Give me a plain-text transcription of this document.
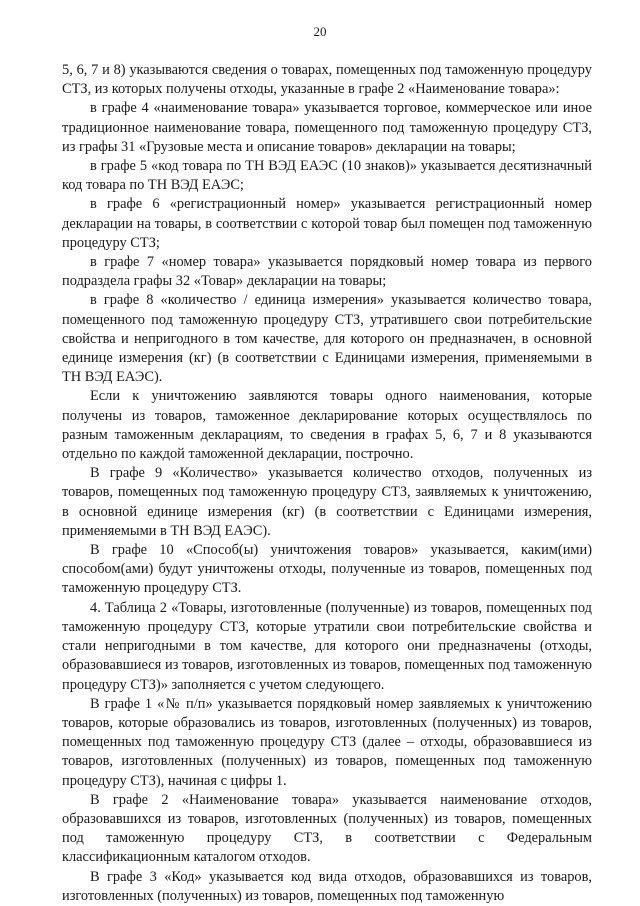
20

5, 6, 7 и 8) указываются сведения о товарах, помещенных под таможенную процедуру СТЗ, из которых получены отходы, указанные в графе 2 «Наименование товара»:

в графе 4 «наименование товара» указывается торговое, коммерческое или иное традиционное наименование товара, помещенного под таможенную процедуру СТЗ, из графы 31 «Грузовые места и описание товаров» декларации на товары;

в графе 5 «код товара по ТН ВЭД ЕАЭС (10 знаков)» указывается десятизначный код товара по ТН ВЭД ЕАЭС;

в графе 6 «регистрационный номер» указывается регистрационный номер декларации на товары, в соответствии с которой товар был помещен под таможенную процедуру СТЗ;

в графе 7 «номер товара» указывается порядковый номер товара из первого подраздела графы 32 «Товар» декларации на товары;

в графе 8 «количество / единица измерения» указывается количество товара, помещенного под таможенную процедуру СТЗ, утратившего свои потребительские свойства и непригодного в том качестве, для которого он предназначен, в основной единице измерения (кг) (в соответствии с Единицами измерения, применяемыми в ТН ВЭД ЕАЭС).

Если к уничтожению заявляются товары одного наименования, которые получены из товаров, таможенное декларирование которых осуществлялось по разным таможенным декларациям, то сведения в графах 5, 6, 7 и 8 указываются отдельно по каждой таможенной декларации, построчно.

В графе 9 «Количество» указывается количество отходов, полученных из товаров, помещенных под таможенную процедуру СТЗ, заявляемых к уничтожению, в основной единице измерения (кг) (в соответствии с Единицами измерения, применяемыми в ТН ВЭД ЕАЭС).

В графе 10 «Способ(ы) уничтожения товаров» указывается, каким(ими) способом(ами) будут уничтожены отходы, полученные из товаров, помещенных под таможенную процедуру СТЗ.

4. Таблица 2 «Товары, изготовленные (полученные) из товаров, помещенных под таможенную процедуру СТЗ, которые утратили свои потребительские свойства и стали непригодными в том качестве, для которого они предназначены (отходы, образовавшиеся из товаров, изготовленных из товаров, помещенных под таможенную процедуру СТЗ)» заполняется с учетом следующего.

В графе 1 «№ п/п» указывается порядковый номер заявляемых к уничтожению товаров, которые образовались из товаров, изготовленных (полученных) из товаров, помещенных под таможенную процедуру СТЗ (далее – отходы, образовавшиеся из товаров, изготовленных (полученных) из товаров, помещенных под таможенную процедуру СТЗ), начиная с цифры 1.

В графе 2 «Наименование товара» указывается наименование отходов, образовавшихся из товаров, изготовленных (полученных) из товаров, помещенных под таможенную процедуру СТЗ, в соответствии с Федеральным классификационным каталогом отходов.

В графе 3 «Код» указывается код вида отходов, образовавшихся из товаров, изготовленных (полученных) из товаров, помещенных под таможенную
